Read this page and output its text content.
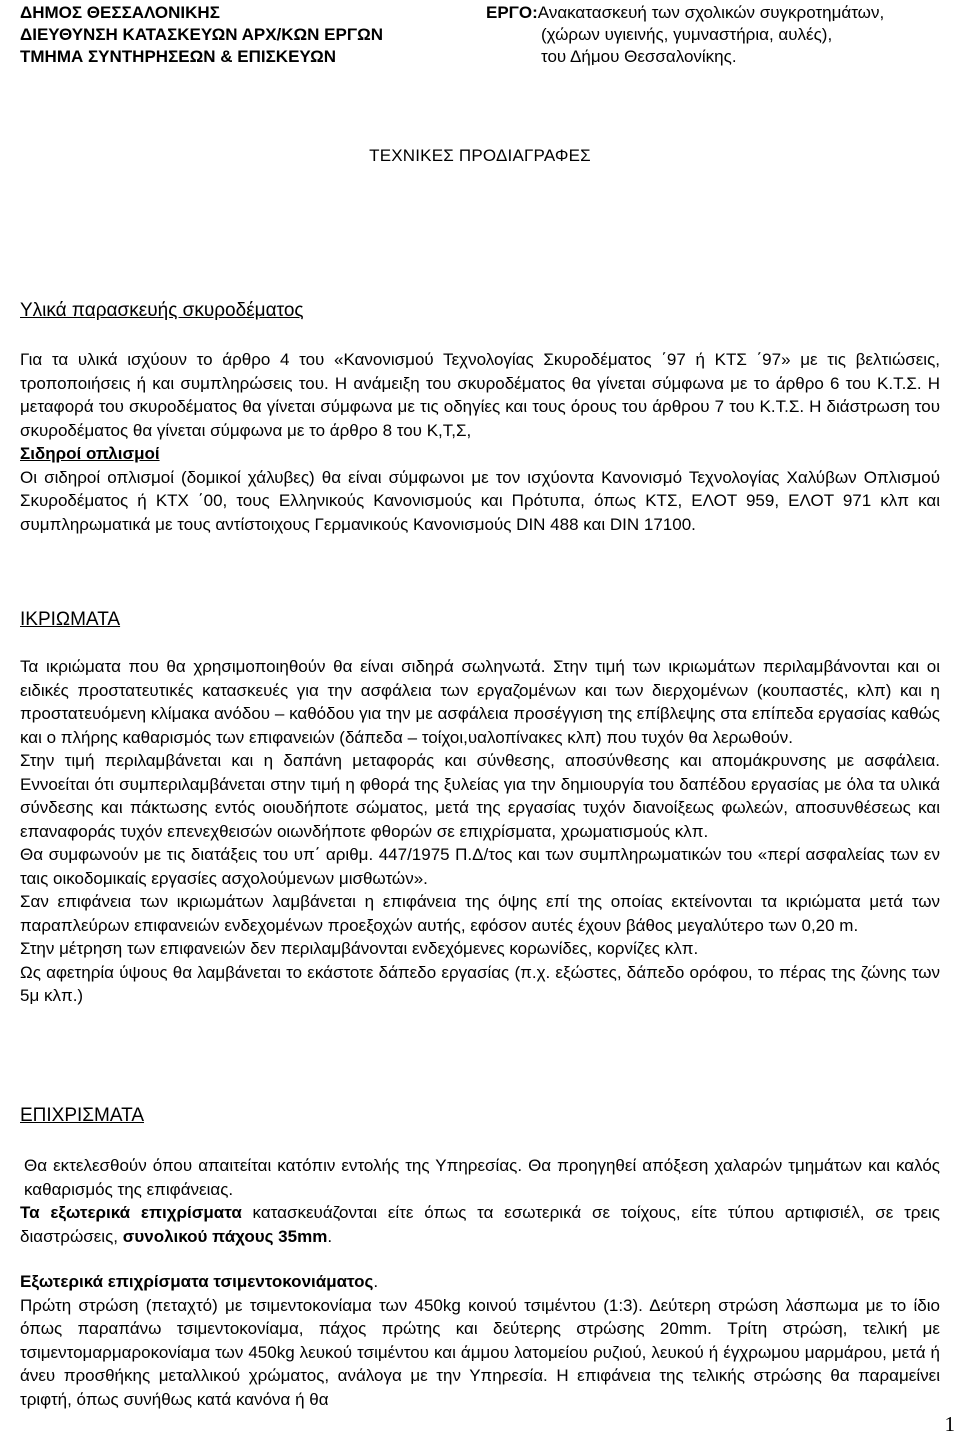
ΔΗΜΟΣ ΘΕΣΣΑΛΟΝΙΚΗΣ
ΔΙΕΥΘΥΝΣΗ ΚΑΤΑΣΚΕΥΩΝ ΑΡΧ/ΚΩΝ ΕΡΓΩΝ
ΤΜΗΜΑ ΣΥΝΤΗΡΗΣΕΩΝ & ΕΠΙΣΚΕΥΩΝ
ΕΡΓΟ:Ανακατασκευή των σχολικών συγκροτημάτων,
(χώρων υγιεινής, γυμναστήρια, αυλές),
του Δήμου Θεσσαλονίκης.
ΤΕΧΝΙΚΕΣ ΠΡΟΔΙΑΓΡΑΦΕΣ
Υλικά παρασκευής σκυροδέματος

Για τα υλικά ισχύουν το άρθρο 4 του «Κανονισμού Τεχνολογίας Σκυροδέματος ΄97 ή ΚΤΣ ΄97» με τις βελτιώσεις, τροποποιήσεις ή και συμπληρώσεις του. Η ανάμειξη του σκυροδέματος θα γίνεται σύμφωνα με το άρθρο 6 του Κ.Τ.Σ. Η μεταφορά του σκυροδέματος θα γίνεται σύμφωνα με τις οδηγίες και τους όρους του άρθρου 7 του Κ.Τ.Σ. Η διάστρωση του σκυροδέματος θα γίνεται σύμφωνα με το άρθρο 8 του Κ,Τ,Σ,

Σιδηροί οπλισμοί

Οι σιδηροί οπλισμοί (δομικοί χάλυβες) θα είναι σύμφωνοι με τον ισχύοντα Κανονισμό Τεχνολογίας Χαλύβων Οπλισμού Σκυροδέματος ή ΚΤΧ ΄00, τους Ελληνικούς Κανονισμούς και Πρότυπα, όπως ΚΤΣ, ΕΛΟΤ 959, ΕΛΟΤ 971 κλπ και συμπληρωματικά με τους αντίστοιχους Γερμανικούς Κανονισμούς DIN 488 και DIN 17100.

ΙΚΡΙΩΜΑΤΑ

Τα ικριώματα που θα χρησιμοποιηθούν θα είναι σιδηρά σωληνωτά. Στην τιμή των ικριωμάτων περιλαμβάνονται και οι ειδικές προστατευτικές κατασκευές για την ασφάλεια των εργαζομένων και των διερχομένων (κουπαστές, κλπ) και η προστατευόμενη κλίμακα ανόδου – καθόδου για την με ασφάλεια προσέγγιση της επίβλεψης στα επίπεδα εργασίας καθώς και ο πλήρης καθαρισμός των επιφανειών (δάπεδα – τοίχοι,υαλοπίνακες κλπ) που τυχόν θα λερωθούν.

Στην τιμή περιλαμβάνεται και η δαπάνη μεταφοράς και σύνθεσης, αποσύνθεσης και απομάκρυνσης με ασφάλεια. Εννοείται ότι συμπεριλαμβάνεται στην τιμή η φθορά της ξυλείας για την δημιουργία του δαπέδου εργασίας με όλα τα υλικά σύνδεσης και πάκτωσης εντός οιουδήποτε σώματος, μετά της εργασίας τυχόν διανοίξεως φωλεών, αποσυνθέσεως και επαναφοράς τυχόν επενεχθεισών οιωνδήποτε φθορών σε επιχρίσματα, χρωματισμούς κλπ.

Θα συμφωνούν με τις διατάξεις του υπ΄ αριθμ. 447/1975 Π.Δ/τος και των συμπληρωματικών του «περί ασφαλείας των εν ταις οικοδομικαίς εργασίες ασχολούμενων μισθωτών».

Σαν επιφάνεια των ικριωμάτων λαμβάνεται η επιφάνεια της όψης επί της οποίας εκτείνονται τα ικριώματα μετά των παραπλεύρων επιφανειών ενδεχομένων προεξοχών αυτής, εφόσον αυτές έχουν βάθος μεγαλύτερο των 0,20 m.

Στην μέτρηση των επιφανειών δεν περιλαμβάνονται ενδεχόμενες κορωνίδες, κορνίζες κλπ.

Ως αφετηρία ύψους θα λαμβάνεται το εκάστοτε δάπεδο εργασίας (π.χ. εξώστες, δάπεδο ορόφου, το πέρας της ζώνης των 5μ κλπ.)

ΕΠΙΧΡΙΣΜΑΤΑ

Θα εκτελεσθούν όπου απαιτείται κατόπιν εντολής της Υπηρεσίας. Θα προηγηθεί απόξεση χαλαρών τμημάτων και καλός καθαρισμός της επιφάνειας.

Τα εξωτερικά επιχρίσματα κατασκευάζονται είτε όπως τα εσωτερικά σε τοίχους, είτε τύπου αρτιφισιέλ, σε τρεις διαστρώσεις, συνολικού πάχους 35mm.

Εξωτερικά επιχρίσματα τσιμεντοκονιάματος.

Πρώτη στρώση (πεταχτό) με τσιμεντοκονίαμα των 450kg κοινού τσιμέντου (1:3). Δεύτερη στρώση λάσπωμα με το ίδιο όπως παραπάνω τσιμεντοκονίαμα, πάχος πρώτης και δεύτερης στρώσης 20mm. Τρίτη στρώση, τελική με τσιμεντομαρμαροκονίαμα των 450kg λευκού τσιμέντου και άμμου λατομείου ρυζιού, λευκού ή έγχρωμου μαρμάρου, μετά ή άνευ προσθήκης μεταλλικού χρώματος, ανάλογα με την Υπηρεσία. Η επιφάνεια της τελικής στρώσης θα παραμείνει τριφτή, όπως συνήθως κατά κανόνα ή θα

1
